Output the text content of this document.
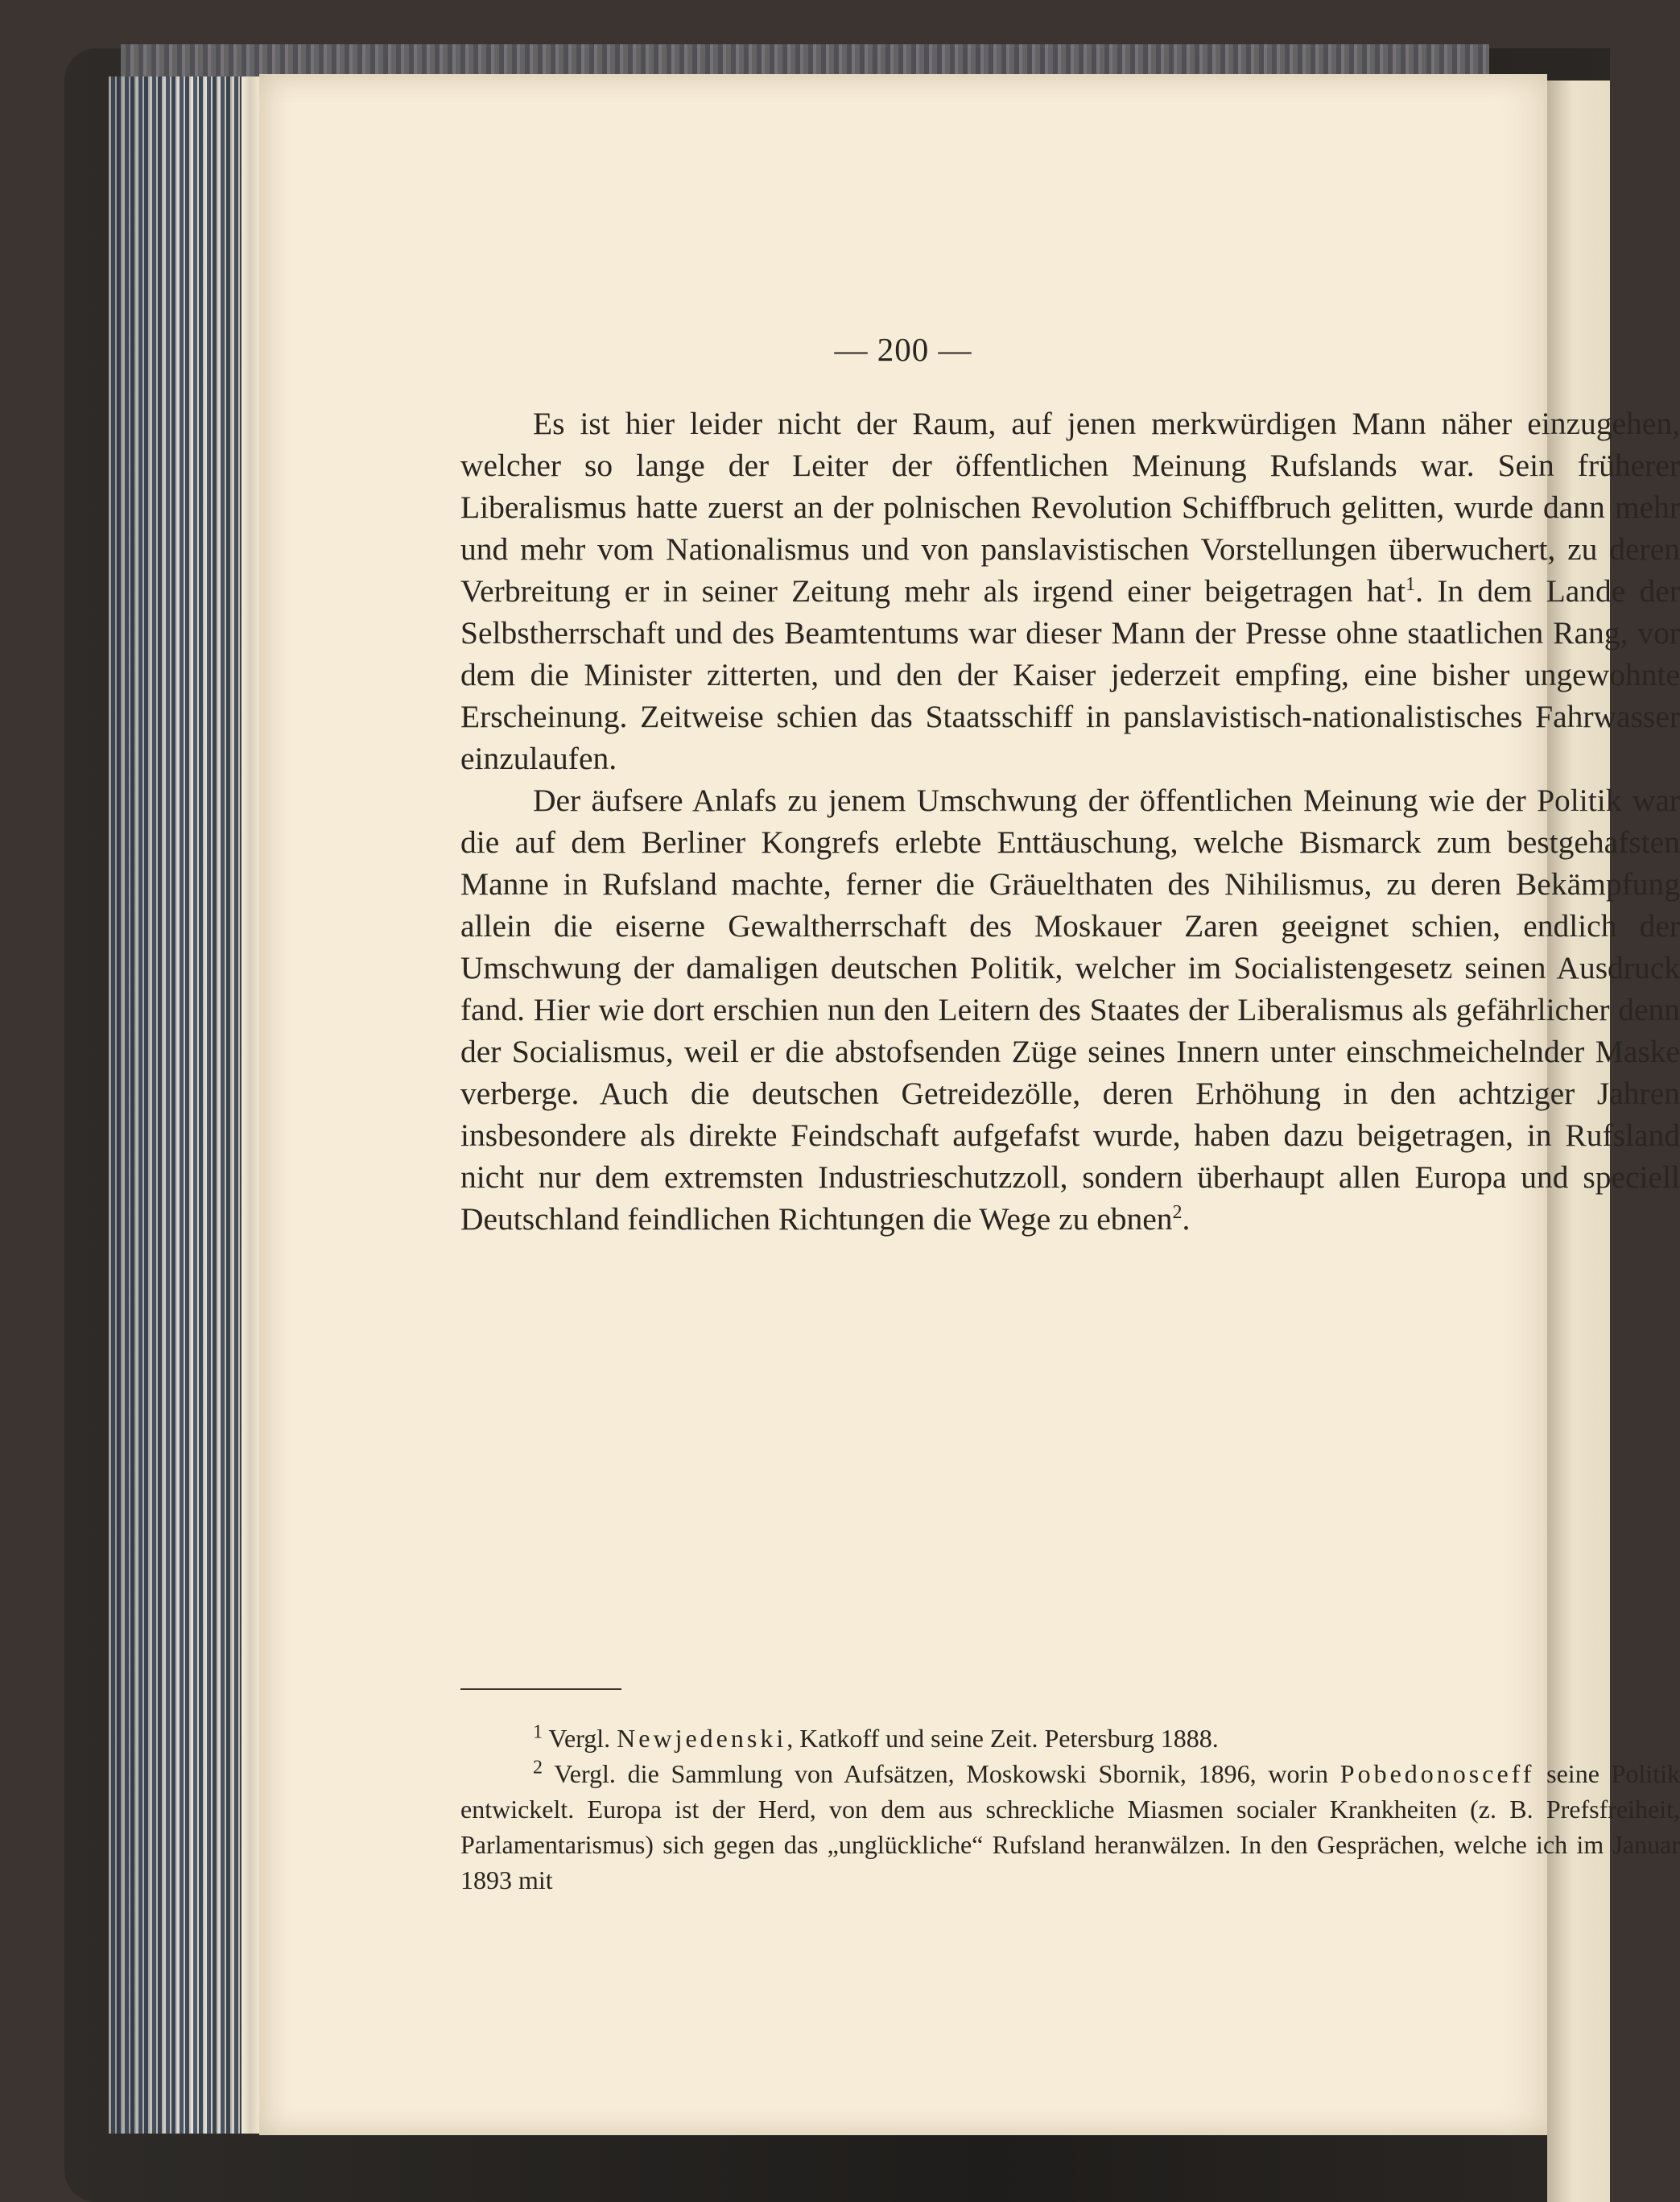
— 200 —

Es ist hier leider nicht der Raum, auf jenen merkwürdigen Mann näher einzugehen, welcher so lange der Leiter der öffentlichen Meinung Rufslands war. Sein früherer Liberalismus hatte zuerst an der polnischen Revolution Schiffbruch gelitten, wurde dann mehr und mehr vom Nationalismus und von panslavistischen Vorstellungen überwuchert, zu deren Verbreitung er in seiner Zeitung mehr als irgend einer beigetragen hat$^1$. In dem Lande der Selbstherrschaft und des Beamtentums war dieser Mann der Presse ohne staatlichen Rang, vor dem die Minister zitterten, und den der Kaiser jederzeit empfing, eine bisher ungewohnte Erscheinung. Zeitweise schien das Staatsschiff in panslavistisch-nationalistisches Fahrwasser einzulaufen.

Der äufsere Anlafs zu jenem Umschwung der öffentlichen Meinung wie der Politik war die auf dem Berliner Kongrefs erlebte Enttäuschung, welche Bismarck zum bestgehafsten Manne in Rufsland machte, ferner die Gräuelthaten des Nihilismus, zu deren Bekämpfung allein die eiserne Gewaltherrschaft des Moskauer Zaren geeignet schien, endlich der Umschwung der damaligen deutschen Politik, welcher im Socialistengesetz seinen Ausdruck fand. Hier wie dort erschien nun den Leitern des Staates der Liberalismus als gefährlicher denn der Socialismus, weil er die abstofsenden Züge seines Innern unter einschmeichelnder Maske verberge. Auch die deutschen Getreidezölle, deren Erhöhung in den achtziger Jahren insbesondere als direkte Feindschaft aufgefafst wurde, haben dazu beigetragen, in Rufsland nicht nur dem extremsten Industrieschutzzoll, sondern überhaupt allen Europa und speciell Deutschland feindlichen Richtungen die Wege zu ebnen$^2$.

$^1$ Vergl. Newjedenski, Katkoff und seine Zeit. Petersburg 1888.

$^2$ Vergl. die Sammlung von Aufsätzen, Moskowski Sbornik, 1896, worin Pobedonosceff seine Politik entwickelt. Europa ist der Herd, von dem aus schreckliche Miasmen socialer Krankheiten (z. B. Prefsfreiheit, Parlamentarismus) sich gegen das „unglückliche“ Rufsland heranwälzen. In den Gesprächen, welche ich im Januar 1893 mit
